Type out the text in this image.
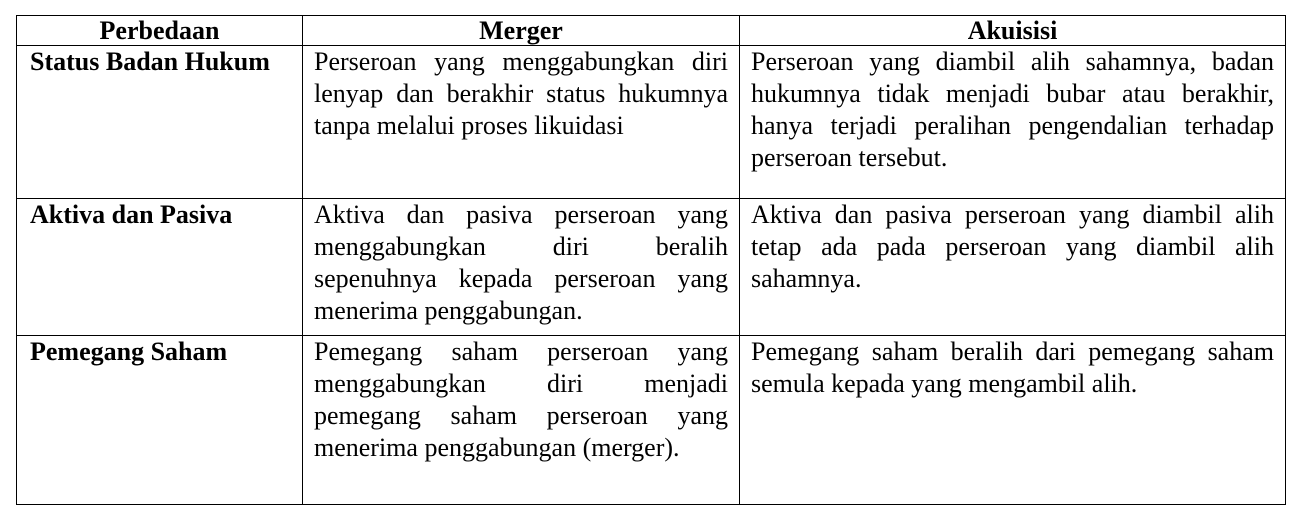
Perbedaan	Merger	Akuisisi
Status Badan Hukum	Perseroan yang menggabungkan diri lenyap dan berakhir status hukumnya tanpa melalui proses likuidasi	Perseroan yang diambil alih sahamnya, badan hukumnya tidak menjadi bubar atau berakhir, hanya terjadi peralihan pengendalian terhadap perseroan tersebut.
Aktiva dan Pasiva	Aktiva dan pasiva perseroan yang menggabungkan diri beralih sepenuhnya kepada perseroan yang menerima penggabungan.	Aktiva dan pasiva perseroan yang diambil alih tetap ada pada perseroan yang diambil alih sahamnya.
Pemegang Saham	Pemegang saham perseroan yang menggabungkan diri menjadi pemegang saham perseroan yang menerima penggabungan (merger).	Pemegang saham beralih dari pemegang saham semula kepada yang mengambil alih.
